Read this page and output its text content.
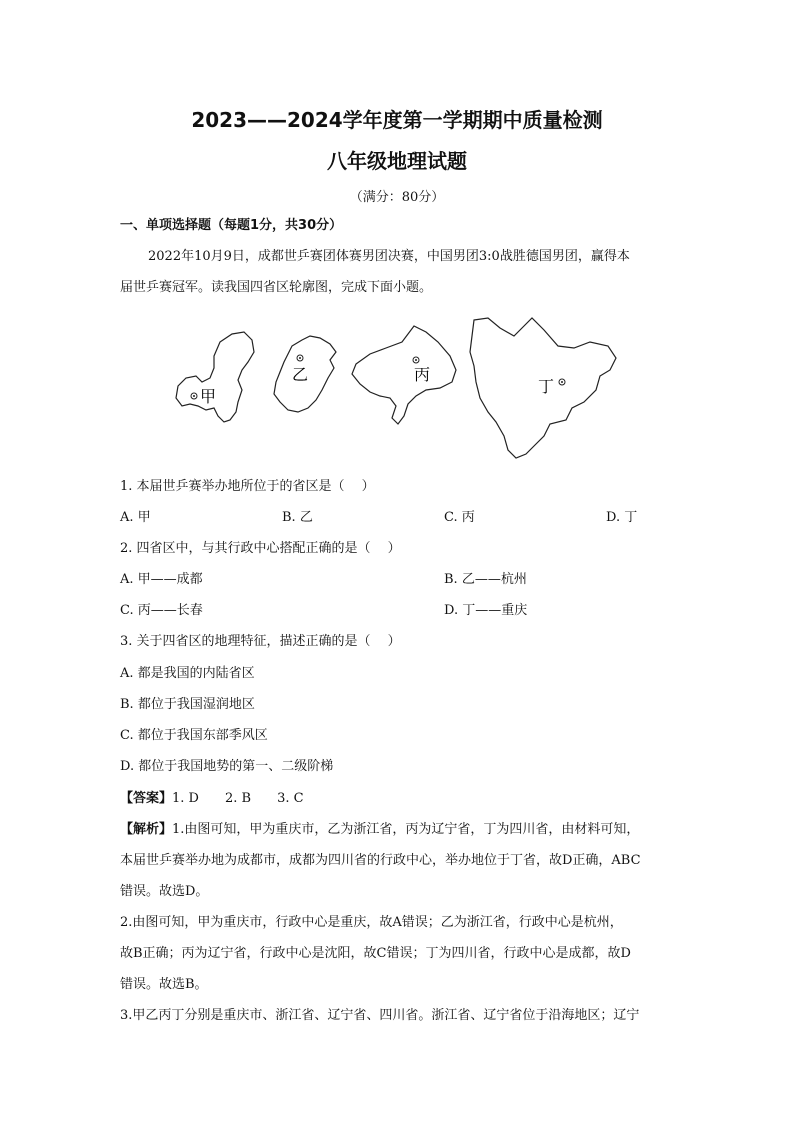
2023——2024学年度第一学期期中质量检测
八年级地理试题
（满分：80分）
一、单项选择题（每题1分，共30分）
2022年10月9日，成都世乒赛团体赛男团决赛，中国男团3:0战胜德国男团，赢得本
届世乒赛冠军。读我国四省区轮廓图，完成下面小题。
甲
乙	丙
丁
1. 本届世乒赛举办地所位于的省区是（　 ）
A. 甲	B. 乙	C. 丙	D. 丁
2. 四省区中，与其行政中心搭配正确的是（　 ）
A. 甲——成都	B. 乙——杭州
C. 丙——长春	D. 丁——重庆
3. 关于四省区的地理特征，描述正确的是（　 ）
A. 都是我国的内陆省区
B. 都位于我国湿润地区
C. 都位于我国东部季风区
D. 都位于我国地势的第一、二级阶梯
【答案】1. D　　2. B　　3. C
【解析】1.由图可知，甲为重庆市，乙为浙江省，丙为辽宁省，丁为四川省，由材料可知，
本届世乒赛举办地为成都市，成都为四川省的行政中心，举办地位于丁省，故D正确，ABC
错误。故选D。
2.由图可知，甲为重庆市，行政中心是重庆，故A错误；乙为浙江省，行政中心是杭州，
故B正确；丙为辽宁省，行政中心是沈阳，故C错误；丁为四川省，行政中心是成都，故D
错误。故选B。
3.甲乙丙丁分别是重庆市、浙江省、辽宁省、四川省。浙江省、辽宁省位于沿海地区；辽宁
